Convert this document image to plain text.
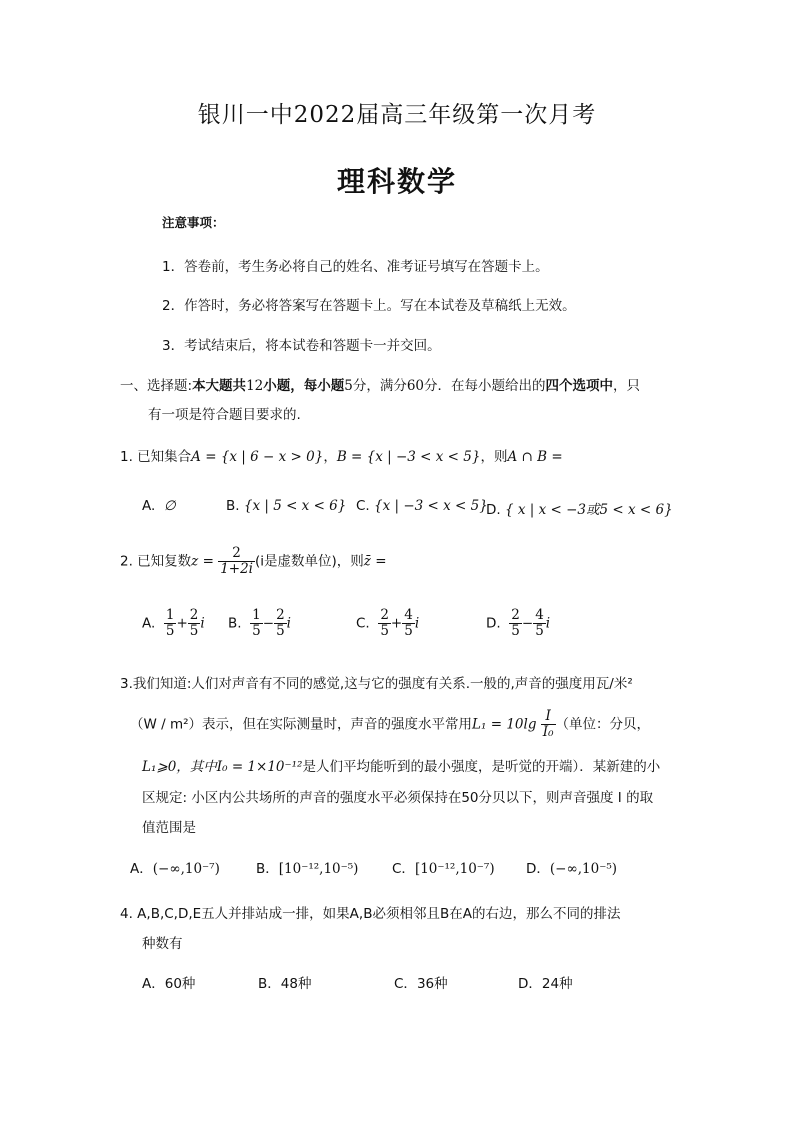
银川一中2022届高三年级第一次月考
理科数学
注意事项：
1．答卷前，考生务必将自己的姓名、准考证号填写在答题卡上。
2．作答时，务必将答案写在答题卡上。写在本试卷及草稿纸上无效。
3．考试结束后，将本试卷和答题卡一并交回。
一、选择题:本大题共12小题，每小题5分，满分60分．在每小题给出的四个选项中，只
有一项是符合题目要求的.
1. 已知集合A = {x | 6 − x > 0}，B = {x | −3 < x < 5}，则A ∩ B =
A. ∅	B. {x | 5 < x < 6} C. {x | −3 < x < 5}
D. { x | x < −3或5 < x < 6}
2. 已知复数$z = \frac{2}{1+2i} (i$是虚数单位)，则z̄ =
A. $\frac{1}{5} + \frac{2}{5}$ i B. $\frac{1}{5} - \frac{2}{5}$ i	C. $\frac{2}{5} + \frac{4}{5}$ i	D. $\frac{2}{5} - \frac{4}{5}$ i
3.我们知道:人们对声音有不同的感觉,这与它的强度有关系.一般的,声音的强度用瓦/米²
（W / m²）表示，但在实际测量时，声音的强度水平常用$L_1 = 10\lg \frac{I}{\text{I₀}}$ （单位：分贝，
L₁⩾0，其中I₀ = 1×10⁻¹²是人们平均能听到的最小强度，是听觉的开端）．某新建的小
区规定: 小区内公共场所的声音的强度水平必须保持在50分贝以下，则声音强度 I 的取
值范围是
A．(−∞,10⁻⁷)	B．[10⁻¹²,10⁻⁵) C．[10⁻¹²,10⁻⁷) D．(−∞,10⁻⁵)
4. A,B,C,D,E五人并排站成一排，如果A,B必须相邻且B在A的右边，那么不同的排法
种数有
A．60种	B．48种	C．36种	D．24种
